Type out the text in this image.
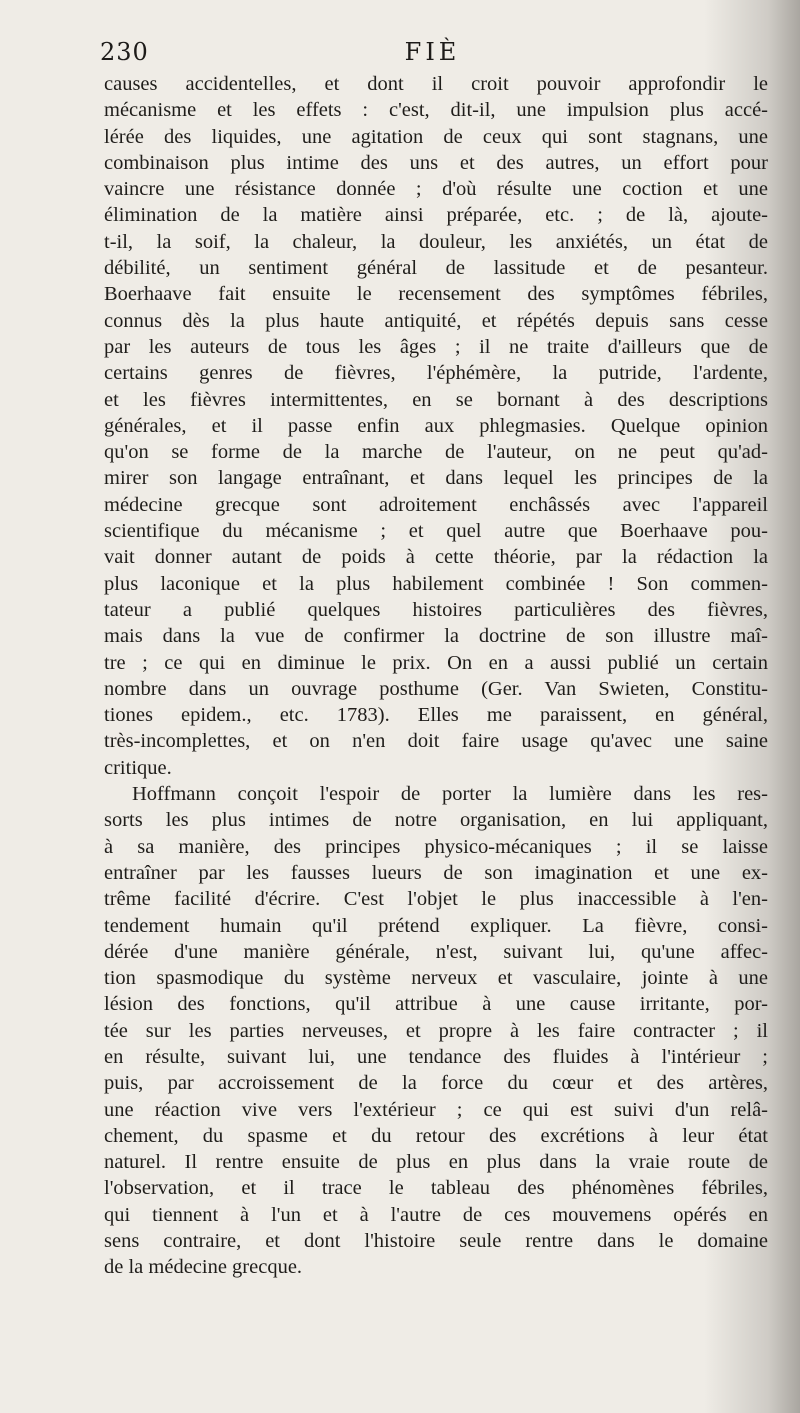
230	FIÈ
causes accidentelles, et dont il croit pouvoir approfondir le
mécanisme et les effets : c'est, dit-il, une impulsion plus accé-
lérée des liquides, une agitation de ceux qui sont stagnans, une
combinaison plus intime des uns et des autres, un effort pour
vaincre une résistance donnée ; d'où résulte une coction et une
élimination de la matière ainsi préparée, etc. ; de là, ajoute-
t-il, la soif, la chaleur, la douleur, les anxiétés, un état de
débilité, un sentiment général de lassitude et de pesanteur.
Boerhaave fait ensuite le recensement des symptômes fébriles,
connus dès la plus haute antiquité, et répétés depuis sans cesse
par les auteurs de tous les âges ; il ne traite d'ailleurs que de
certains genres de fièvres, l'éphémère, la putride, l'ardente,
et les fièvres intermittentes, en se bornant à des descriptions
générales, et il passe enfin aux phlegmasies. Quelque opinion
qu'on se forme de la marche de l'auteur, on ne peut qu'ad-
mirer son langage entraînant, et dans lequel les principes de la
médecine grecque sont adroitement enchâssés avec l'appareil
scientifique du mécanisme ; et quel autre que Boerhaave pou-
vait donner autant de poids à cette théorie, par la rédaction la
plus laconique et la plus habilement combinée ! Son commen-
tateur a publié quelques histoires particulières des fièvres,
mais dans la vue de confirmer la doctrine de son illustre maî-
tre ; ce qui en diminue le prix. On en a aussi publié un certain
nombre dans un ouvrage posthume (Ger. Van Swieten, Constitu-
tiones epidem., etc. 1783). Elles me paraissent, en général,
très-incomplettes, et on n'en doit faire usage qu'avec une saine
critique.
Hoffmann conçoit l'espoir de porter la lumière dans les res-
sorts les plus intimes de notre organisation, en lui appliquant,
à sa manière, des principes physico-mécaniques ; il se laisse
entraîner par les fausses lueurs de son imagination et une ex-
trême facilité d'écrire. C'est l'objet le plus inaccessible à l'en-
tendement humain qu'il prétend expliquer. La fièvre, consi-
dérée d'une manière générale, n'est, suivant lui, qu'une affec-
tion spasmodique du système nerveux et vasculaire, jointe à une
lésion des fonctions, qu'il attribue à une cause irritante, por-
tée sur les parties nerveuses, et propre à les faire contracter ; il
en résulte, suivant lui, une tendance des fluides à l'intérieur ;
puis, par accroissement de la force du cœur et des artères,
une réaction vive vers l'extérieur ; ce qui est suivi d'un relâ-
chement, du spasme et du retour des excrétions à leur état
naturel. Il rentre ensuite de plus en plus dans la vraie route de
l'observation, et il trace le tableau des phénomènes fébriles,
qui tiennent à l'un et à l'autre de ces mouvemens opérés en
sens contraire, et dont l'histoire seule rentre dans le domaine
de la médecine grecque.
